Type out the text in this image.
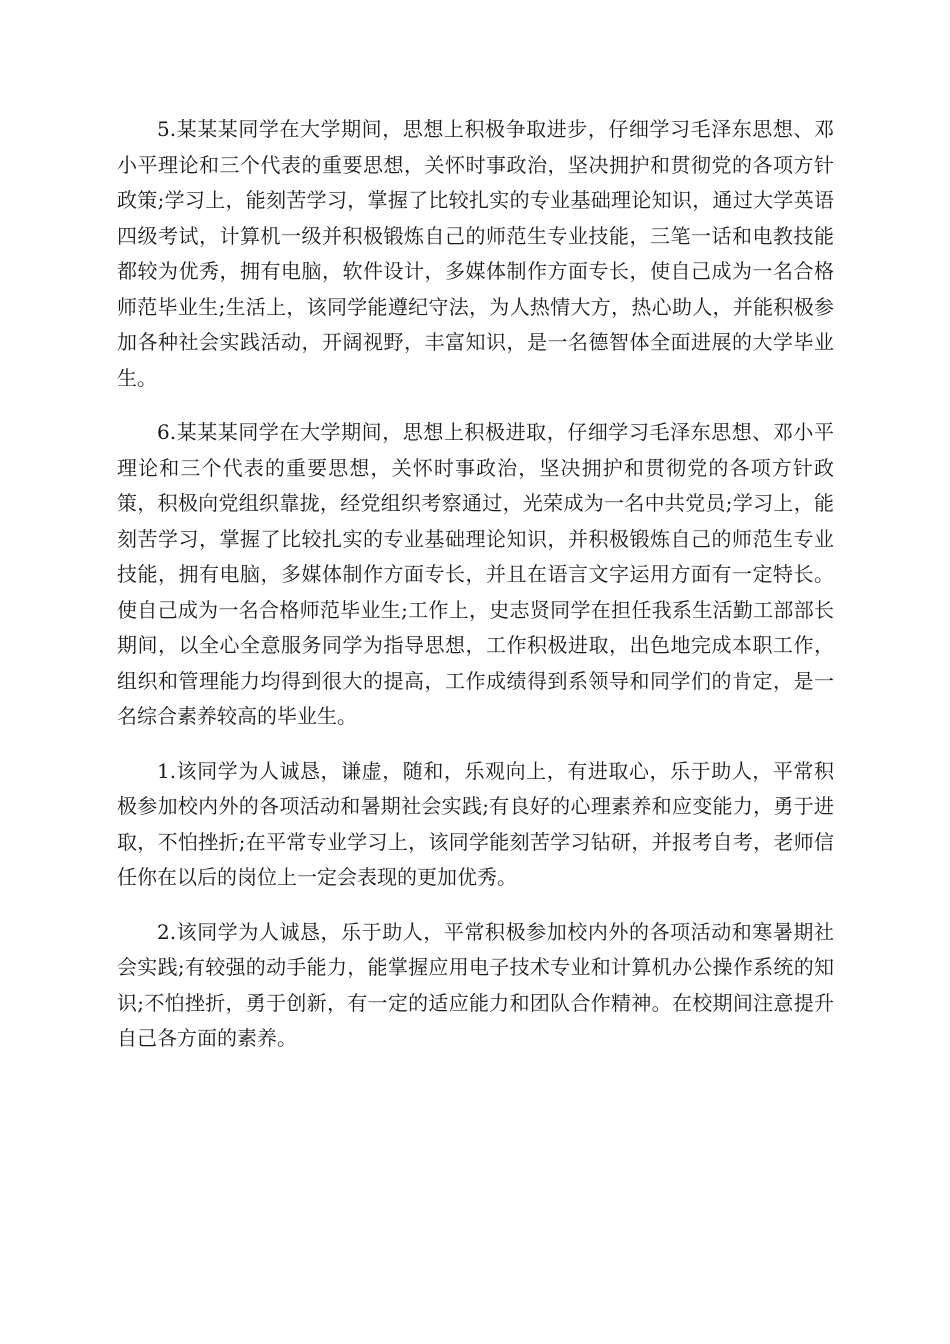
5.某某某同学在大学期间，思想上积极争取进步，仔细学习毛泽东思想、邓小平理论和三个代表的重要思想，关怀时事政治，坚决拥护和贯彻党的各项方针政策;学习上，能刻苦学习，掌握了比较扎实的专业基础理论知识，通过大学英语四级考试，计算机一级并积极锻炼自己的师范生专业技能，三笔一话和电教技能都较为优秀，拥有电脑，软件设计，多媒体制作方面专长，使自己成为一名合格师范毕业生;生活上，该同学能遵纪守法，为人热情大方，热心助人，并能积极参加各种社会实践活动，开阔视野，丰富知识，是一名德智体全面进展的大学毕业生。

6.某某某同学在大学期间，思想上积极进取，仔细学习毛泽东思想、邓小平理论和三个代表的重要思想，关怀时事政治，坚决拥护和贯彻党的各项方针政策，积极向党组织靠拢，经党组织考察通过，光荣成为一名中共党员;学习上，能刻苦学习，掌握了比较扎实的专业基础理论知识，并积极锻炼自己的师范生专业技能，拥有电脑，多媒体制作方面专长，并且在语言文字运用方面有一定特长。使自己成为一名合格师范毕业生;工作上，史志贤同学在担任我系生活勤工部部长期间，以全心全意服务同学为指导思想，工作积极进取，出色地完成本职工作，组织和管理能力均得到很大的提高，工作成绩得到系领导和同学们的肯定，是一名综合素养较高的毕业生。

1.该同学为人诚恳，谦虚，随和，乐观向上，有进取心，乐于助人，平常积极参加校内外的各项活动和暑期社会实践;有良好的心理素养和应变能力，勇于进取，不怕挫折;在平常专业学习上，该同学能刻苦学习钻研，并报考自考，老师信任你在以后的岗位上一定会表现的更加优秀。

2.该同学为人诚恳，乐于助人，平常积极参加校内外的各项活动和寒暑期社会实践;有较强的动手能力，能掌握应用电子技术专业和计算机办公操作系统的知识;不怕挫折，勇于创新，有一定的适应能力和团队合作精神。在校期间注意提升自己各方面的素养。
